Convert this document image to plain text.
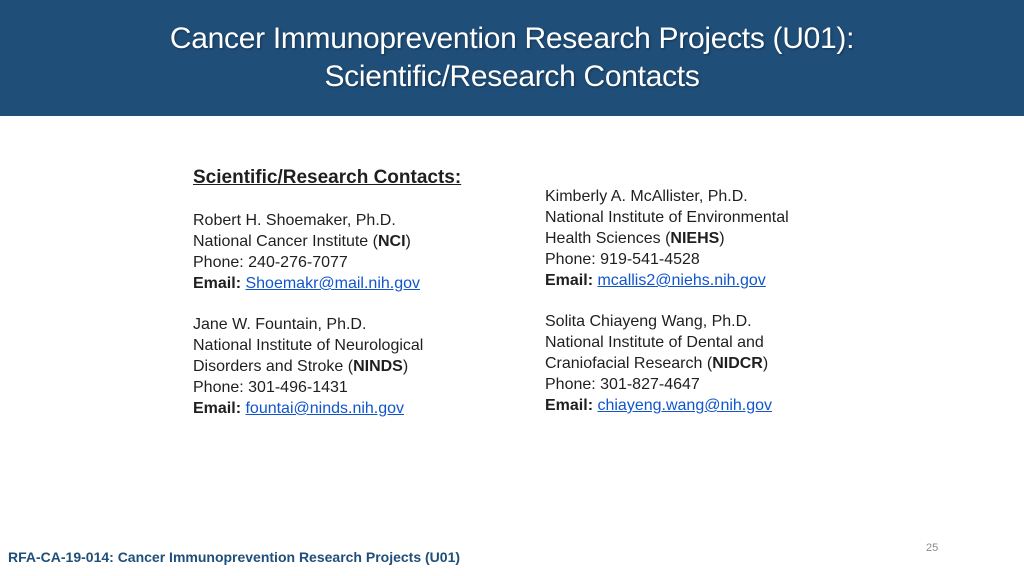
Cancer Immunoprevention Research Projects (U01):
Scientific/Research Contacts
Scientific/Research Contacts:
Robert H. Shoemaker, Ph.D.
National Cancer Institute (NCI)
Phone: 240-276-7077
Email: Shoemakr@mail.nih.gov
Jane W. Fountain, Ph.D.
National Institute of Neurological
Disorders and Stroke (NINDS)
Phone: 301-496-1431
Email: fountai@ninds.nih.gov
Kimberly A. McAllister, Ph.D.
National Institute of Environmental
Health Sciences (NIEHS)
Phone: 919-541-4528
Email: mcallis2@niehs.nih.gov
Solita Chiayeng Wang, Ph.D.
National Institute of Dental and
Craniofacial Research (NIDCR)
Phone: 301-827-4647
Email: chiayeng.wang@nih.gov
25
RFA-CA-19-014: Cancer Immunoprevention Research Projects (U01)
